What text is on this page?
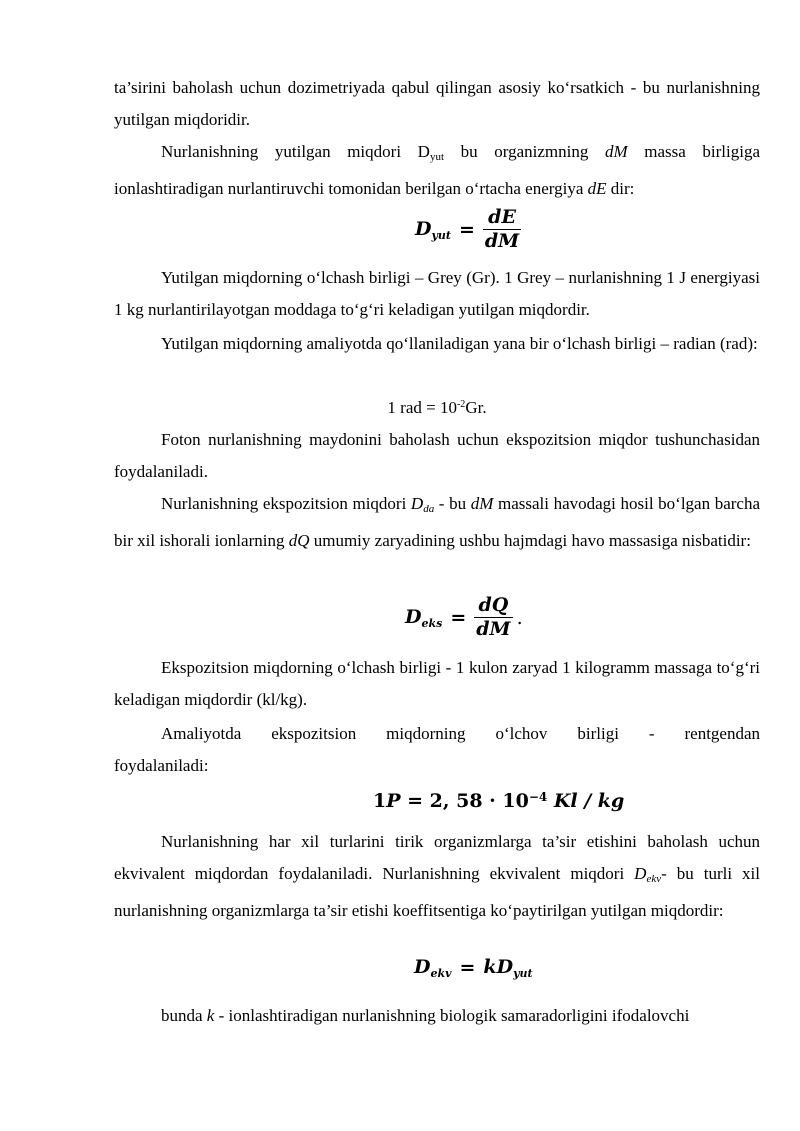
ta’sirini baholash uchun dozimetriyada qabul qilingan asosiy ko‘rsatkich - bu nurlanishning yutilgan miqdoridir.

Nurlanishning yutilgan miqdori Dyut bu organizmning dM massa birligiga ionlashtiradigan nurlantiruvchi tomonidan berilgan o‘rtacha energiya dE dir:

$D_{yut} = \frac{dE}{dM}$

Yutilgan miqdorning o‘lchash birligi – Grey (Gr). 1 Grey – nurlanishning 1 J energiyasi 1 kg nurlantirilayotgan moddaga to‘g‘ri keladigan yutilgan miqdordir.

Yutilgan miqdorning amaliyotda qo‘llaniladigan yana bir o‘lchash birligi – radian (rad):

1 rad = $10^{-2}Gr$.

Foton nurlanishning maydonini baholash uchun ekspozitsion miqdor tushunchasidan foydalaniladi.

Nurlanishning ekspozitsion miqdori Dda - bu dM massali havodagi hosil bo‘lgan barcha bir xil ishorali ionlarning dQ umumiy zaryadining ushbu hajmdagi havo massasiga nisbatidir:

$D_{eks} = \frac{dQ}{dM}$ .

Ekspozitsion miqdorning o‘lchash birligi - 1 kulon zaryad 1 kilogramm massaga to‘g‘ri keladigan miqdordir (kl/kg).

Amaliyotda ekspozitsion miqdorning o‘lchov birligi - rentgendan

foydalaniladi:

1P = 2, $58 \cdot 10^{-4}$ Kl / kg

Nurlanishning har xil turlarini tirik organizmlarga ta’sir etishini baholash uchun ekvivalent miqdordan foydalaniladi. Nurlanishning ekvivalent miqdori Dekv- bu turli xil nurlanishning organizmlarga ta’sir etishi koeffitsentiga ko‘paytirilgan yutilgan miqdordir:

$D_{ekv} = kD_{yut}$

bunda k - ionlashtiradigan nurlanishning biologik samaradorligini ifodalovchi
